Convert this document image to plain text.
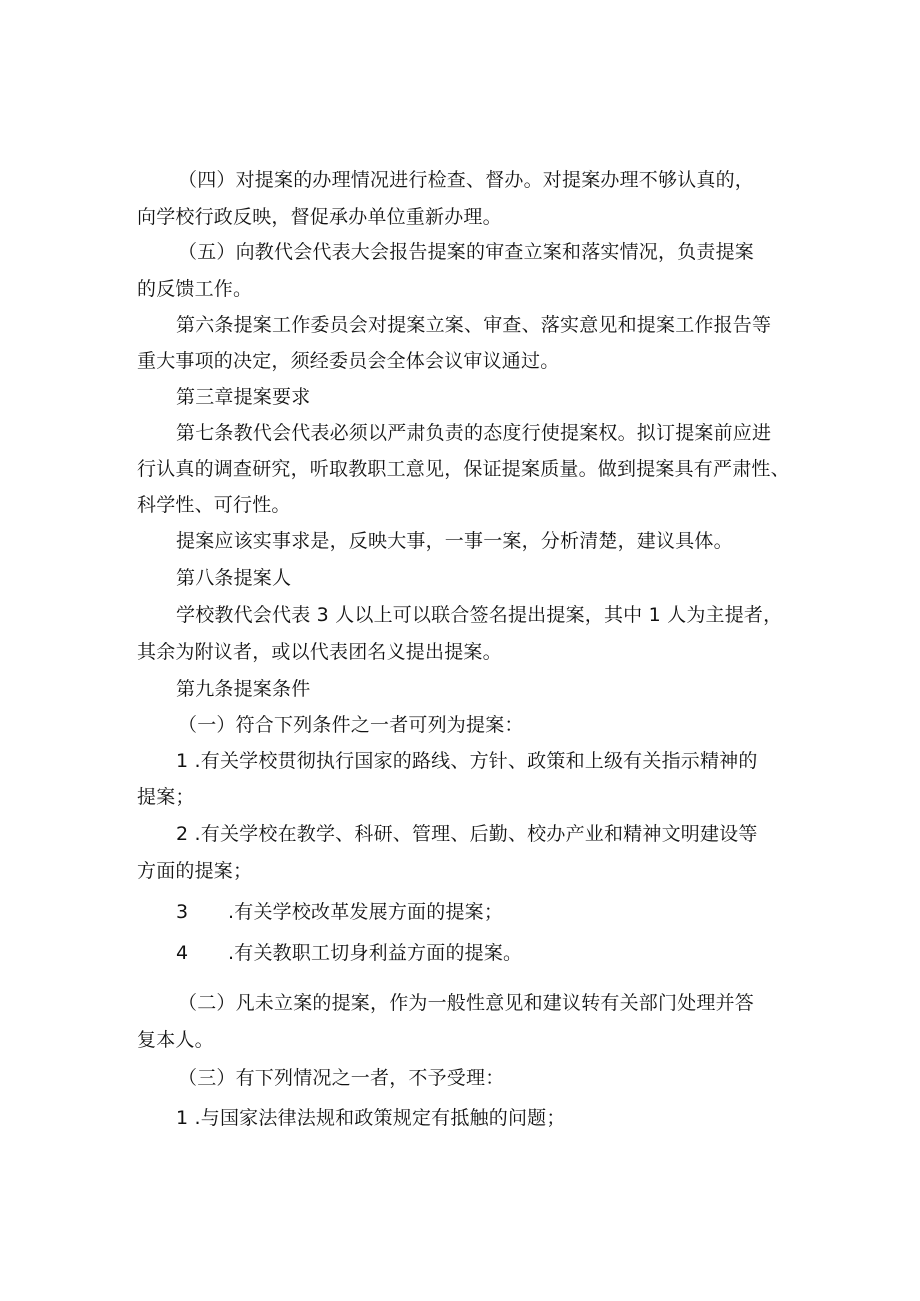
（四）对提案的办理情况进行检查、督办。对提案办理不够认真的，
向学校行政反映，督促承办单位重新办理。
（五）向教代会代表大会报告提案的审查立案和落实情况，负责提案
的反馈工作。
第六条提案工作委员会对提案立案、审查、落实意见和提案工作报告等
重大事项的决定，须经委员会全体会议审议通过。
第三章提案要求
第七条教代会代表必须以严肃负责的态度行使提案权。拟订提案前应进
行认真的调查研究，听取教职工意见，保证提案质量。做到提案具有严肃性、
科学性、可行性。
提案应该实事求是，反映大事，一事一案，分析清楚，建议具体。
第八条提案人
学校教代会代表 3 人以上可以联合签名提出提案，其中 1 人为主提者，
其余为附议者，或以代表团名义提出提案。
第九条提案条件
（一）符合下列条件之一者可列为提案：
1 .有关学校贯彻执行国家的路线、方针、政策和上级有关指示精神的
提案；
2 .有关学校在教学、科研、管理、后勤、校办产业和精神文明建设等
方面的提案；
3 .有关学校改革发展方面的提案；
4 .有关教职工切身利益方面的提案。
（二）凡未立案的提案，作为一般性意见和建议转有关部门处理并答
复本人。
（三）有下列情况之一者，不予受理：
1 .与国家法律法规和政策规定有抵触的问题；
